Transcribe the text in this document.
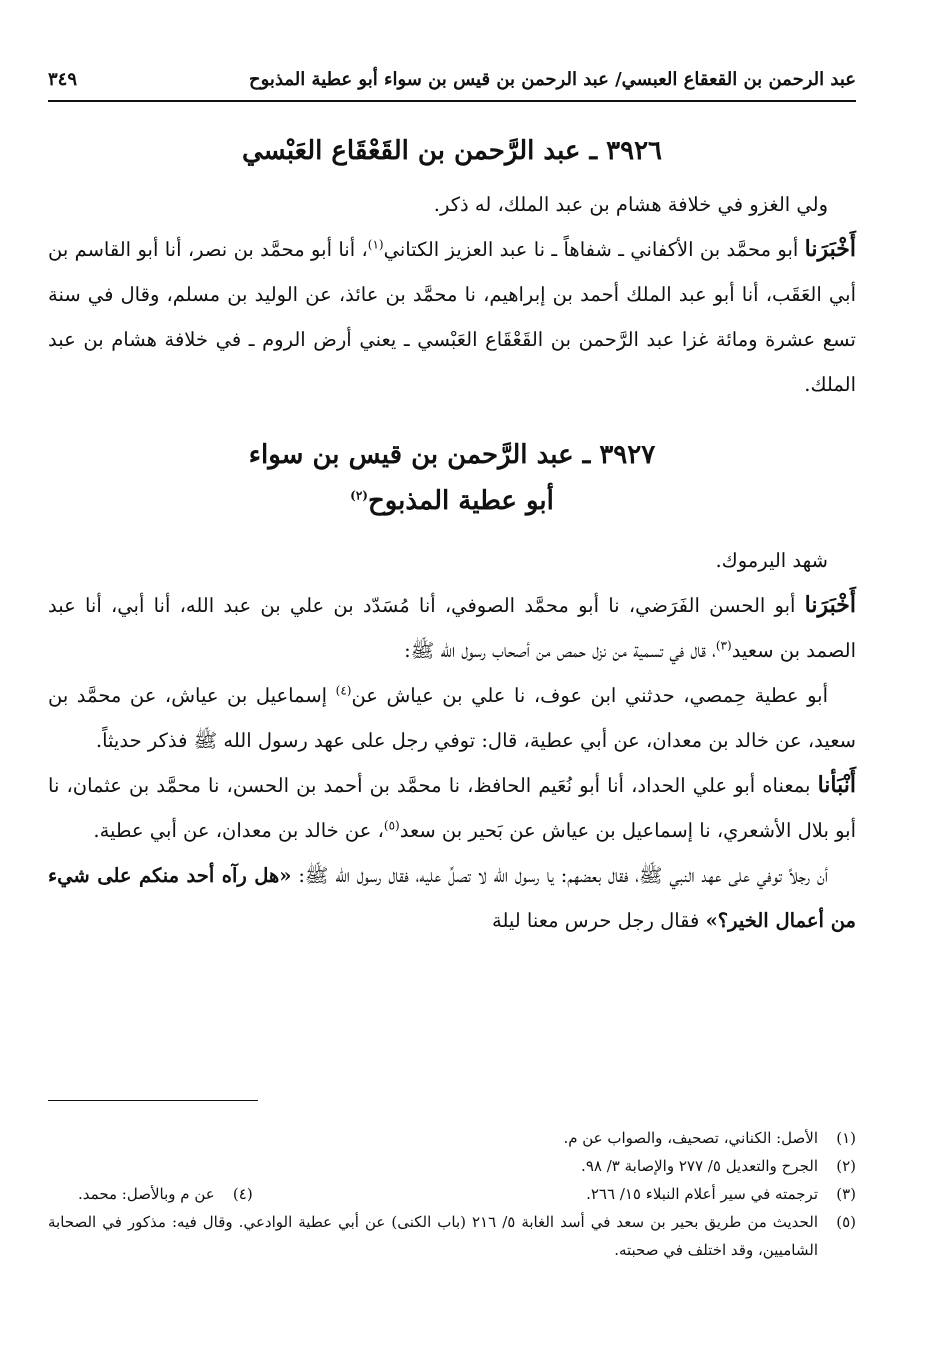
عبد الرحمن بن القعقاع العبسي/ عبد الرحمن بن قيس بن سواء أبو عطية المذبوح
٣٤٩
٣٩٢٦ ـ عبد الرَّحمن بن القَعْقَاع العَبْسي

ولي الغزو في خلافة هشام بن عبد الملك، له ذكر.

أَخْبَرَنا أبو محمَّد بن الأكفاني ـ شفاهاً ـ نا عبد العزيز الكتاني$^{(١)}$، أنا أبو محمَّد بن نصر، أنا أبو القاسم بن أبي العَقَب، أنا أبو عبد الملك أحمد بن إبراهيم، نا محمَّد بن عائذ، عن الوليد بن مسلم، وقال في سنة تسع عشرة ومائة غزا عبد الرَّحمن بن القَعْقَاع العَبْسي ـ يعني أرض الروم ـ في خلافة هشام بن عبد الملك.

٣٩٢٧ ـ عبد الرَّحمن بن قيس بن سواء
أبو عطية المذبوح$^{(٢)}$

شهد اليرموك.

أَخْبَرَنا أبو الحسن الفَرَضي، نا أبو محمَّد الصوفي، أنا مُسَدّد بن علي بن عبد الله، أنا أبي، أنا عبد الصمد بن سعيد$^{(٣)}$، قال في تسمية من نزل حمص من أصحاب رسول الله ﷺ:

أبو عطية حِمصي، حدثني ابن عوف، نا علي بن عياش عن$^{(٤)}$ إسماعيل بن عياش، عن محمَّد بن سعيد، عن خالد بن معدان، عن أبي عطية، قال: توفي رجل على عهد رسول الله ﷺ فذكر حديثاً.

أَنْبَأنا بمعناه أبو علي الحداد، أنا أبو نُعَيم الحافظ، نا محمَّد بن أحمد بن الحسن، نا محمَّد بن عثمان، نا أبو بلال الأشعري، نا إسماعيل بن عياش عن بَحير بن سعد$^{(٥)}$، عن خالد بن معدان، عن أبي عطية.

أن رجلاً توفي على عهد النبي ﷺ، فقال بعضهم: يا رسول الله لا تصلِّ عليه، فقال رسول الله ﷺ: «هل رآه أحد منكم على شيء من أعمال الخير؟» فقال رجل حرس معنا ليلة

(١)الأصل: الكناني، تصحيف، والصواب عن م.

(٢)الجرح والتعديل ٥/ ٢٧٧ والإصابة ٣/ ٩٨.

(٣)ترجمته في سير أعلام النبلاء ١٥/ ٢٦٦.
(٤)عن م وبالأصل: محمد.

(٥)
الحديث من طريق بحير بن سعد في أسد الغابة ٥/ ٢١٦ (باب الكنى) عن أبي عطية الوادعي. وقال فيه: مذكور في الصحابة الشاميين، وقد اختلف في صحبته.
